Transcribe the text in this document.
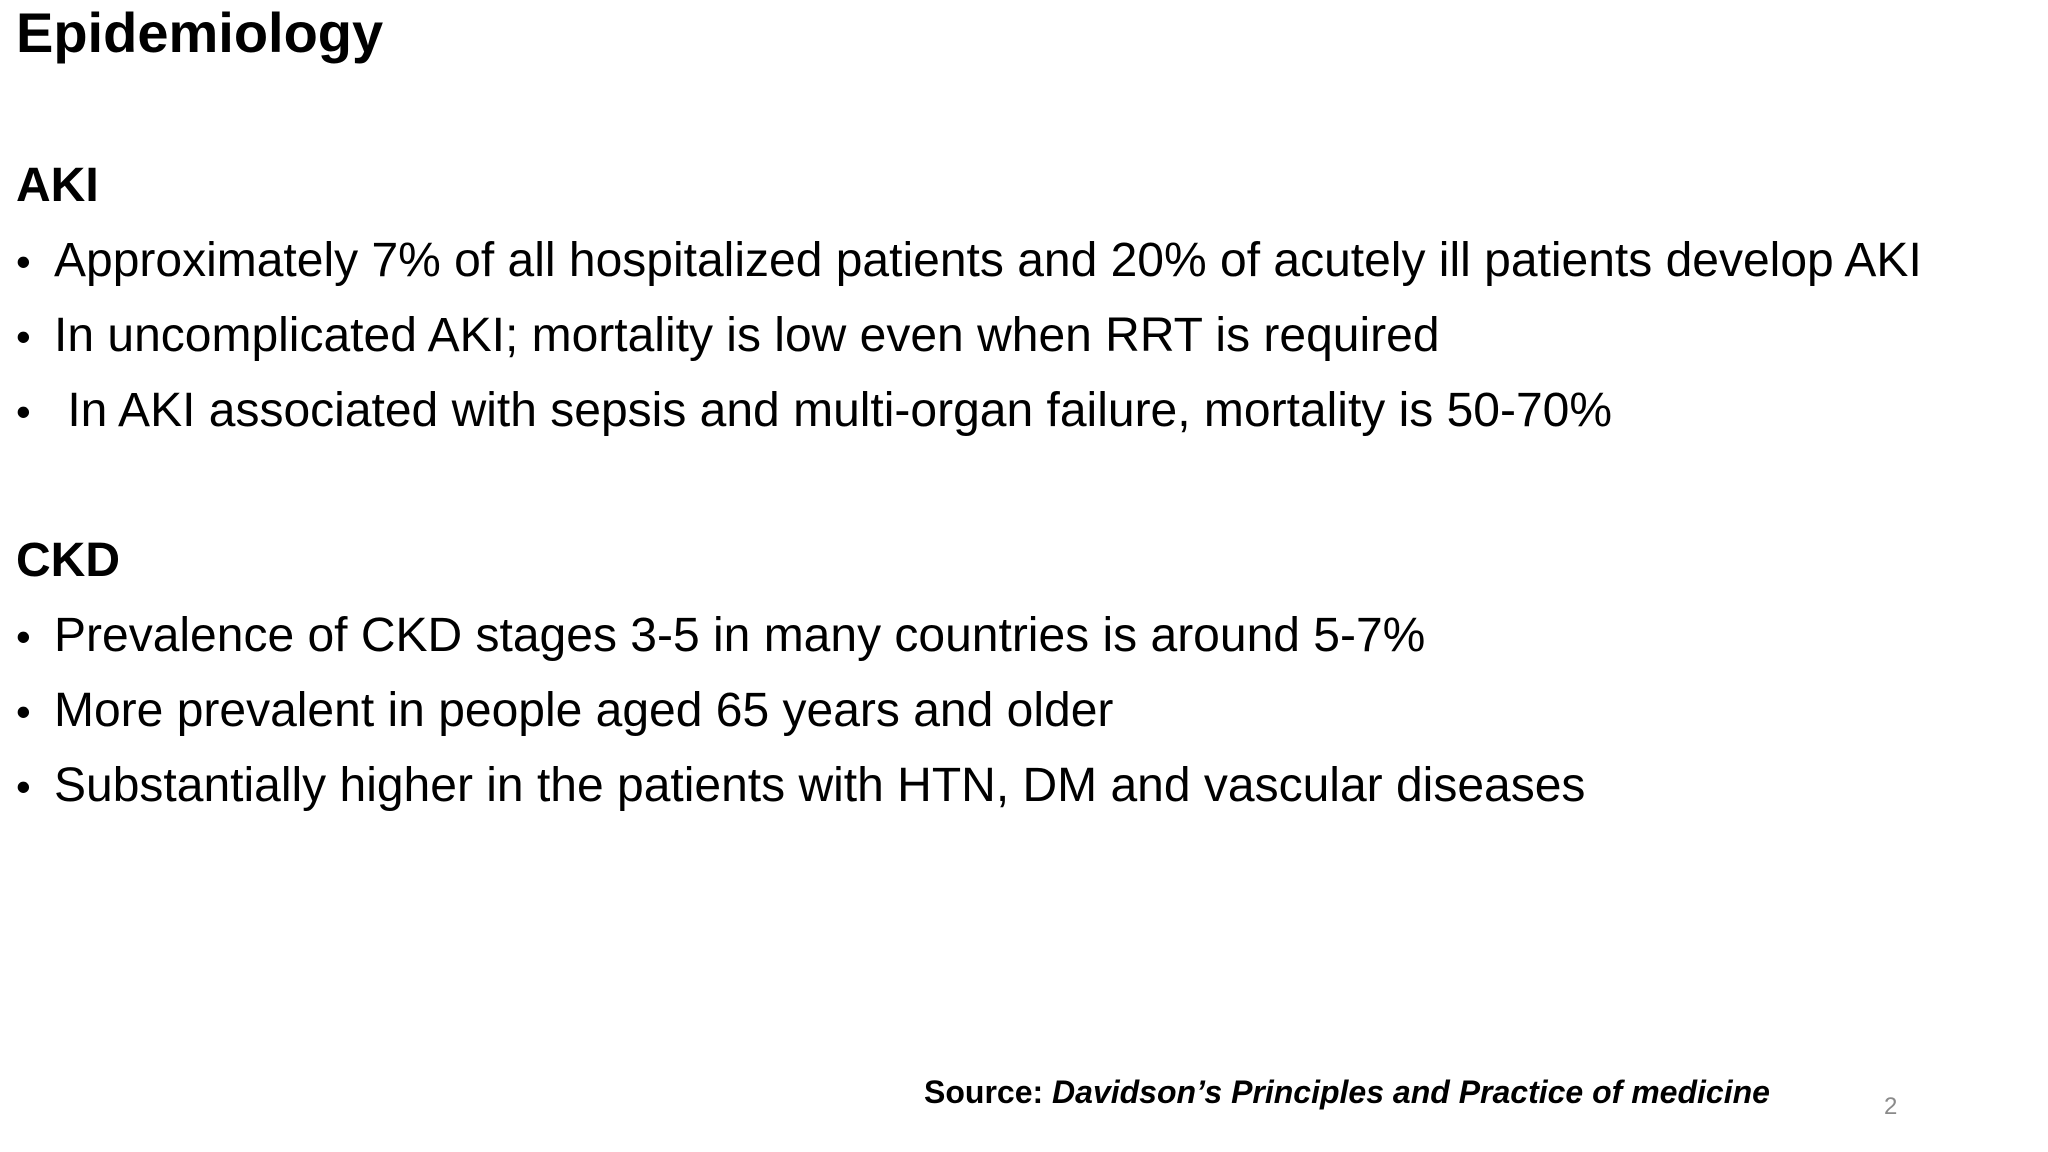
Epidemiology
AKI
• Approximately 7% of all hospitalized patients and 20% of acutely ill patients develop AKI
• In uncomplicated AKI; mortality is low even when RRT is required
• In AKI associated with sepsis and multi-organ failure, mortality is 50-70%
CKD
• Prevalence of CKD stages 3-5 in many countries is around 5-7%
• More prevalent in people aged 65 years and older
• Substantially higher in the patients with HTN, DM and vascular diseases
Source: Davidson’s Principles and Practice of medicine	2
